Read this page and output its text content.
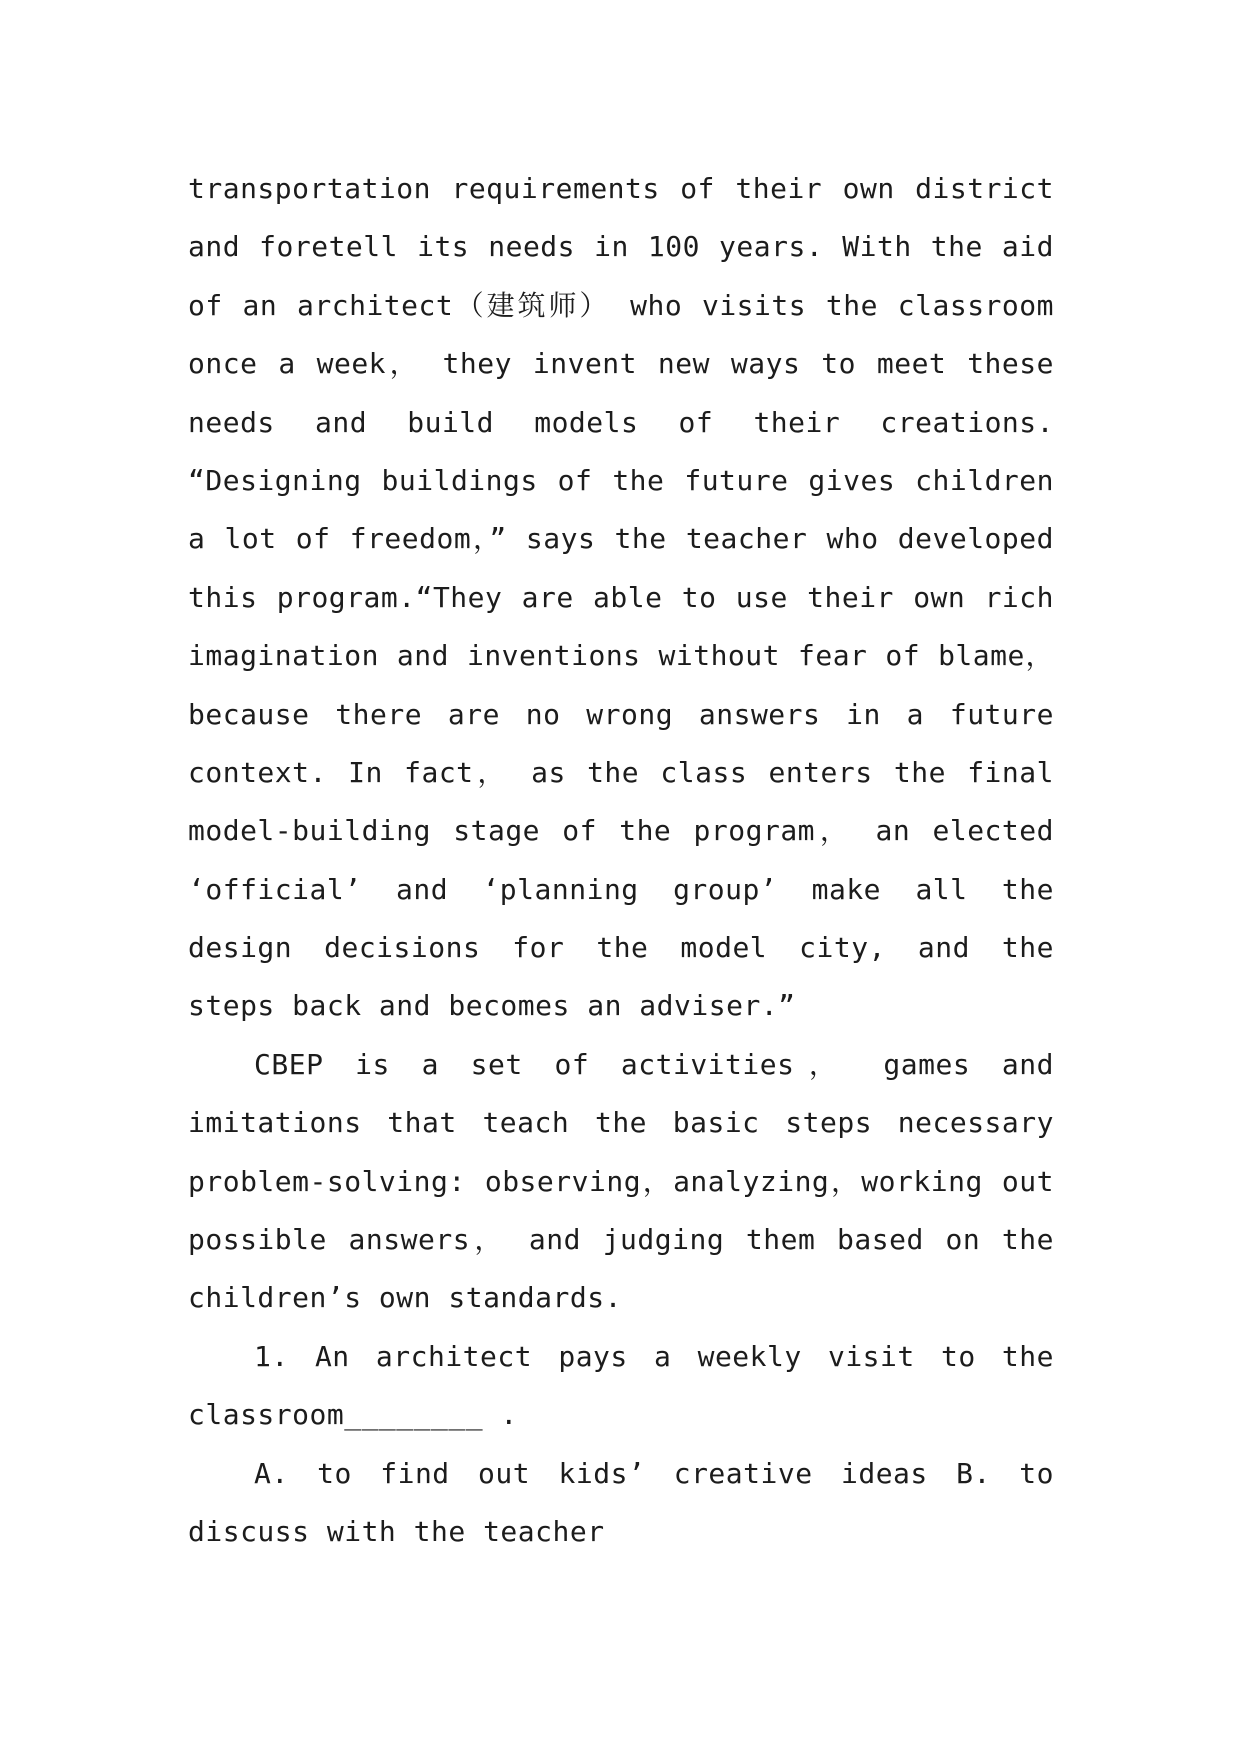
transportation requirements of their own district
and foretell its needs in 100 years. With the aid
of an architect（建筑师） who visits the classroom
once a week， they invent new ways to meet these
needs and build models of their creations.
“Designing buildings of the future gives children
a lot of freedom，” says the teacher who developed
this program.“They are able to use their own rich
imagination and inventions without fear of blame，
because there are no wrong answers in a future
context. In fact， as the class enters the final
model-building stage of the program， an elected
‘official’ and ‘planning group’ make all the
design decisions for the model city, and the
steps back and becomes an adviser.”
CBEP is a set of activities， games and
imitations that teach the basic steps necessary
problem-solving: observing，analyzing，working out
possible answers， and judging them based on the
children’s own standards.
1. An architect pays a weekly visit to the
classroom________ .
A. to find out kids’ creative ideas B. to
discuss with the teacher
